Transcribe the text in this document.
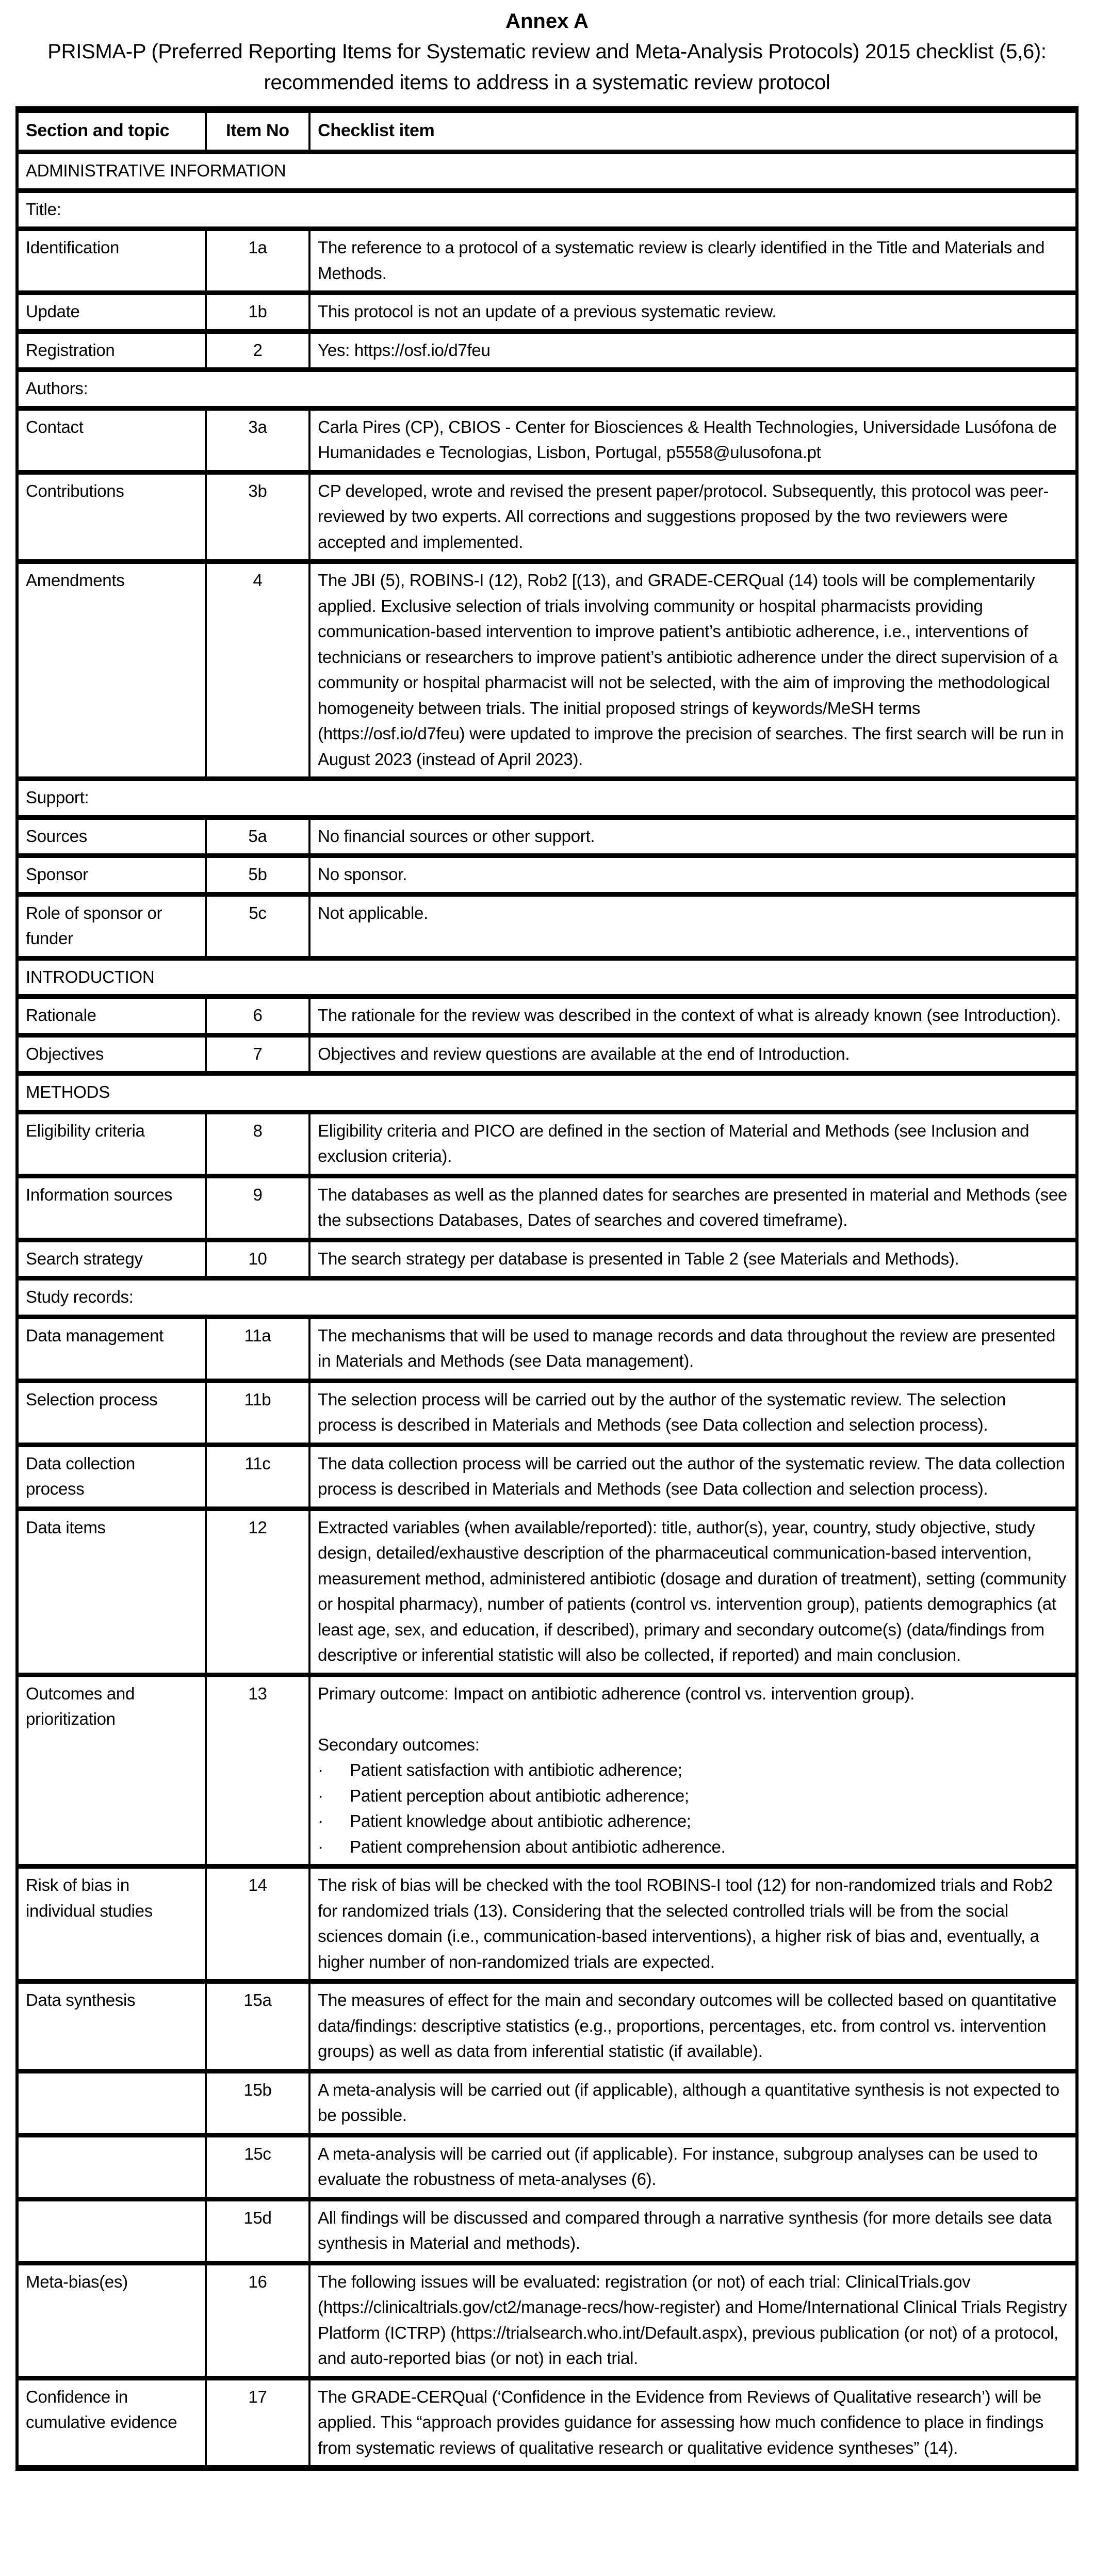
Annex A
PRISMA-P (Preferred Reporting Items for Systematic review and Meta-Analysis Protocols) 2015 checklist (5,6): recommended items to address in a systematic review protocol
Section and topic	Item No	Checklist item
ADMINISTRATIVE INFORMATION		
Title:		
Identification	1a	The reference to a protocol of a systematic review is clearly identified in the Title and Materials and Methods.
Update	1b	This protocol is not an update of a previous systematic review.
Registration	2	Yes: https://osf.io/d7feu
Authors:		
Contact	3a	Carla Pires (CP), CBIOS - Center for Biosciences & Health Technologies, Universidade Lusófona de Humanidades e Tecnologias, Lisbon, Portugal, p5558@ulusofona.pt
Contributions	3b	CP developed, wrote and revised the present paper/protocol. Subsequently, this protocol was peer-reviewed by two experts. All corrections and suggestions proposed by the two reviewers were accepted and implemented.
Amendments	4	The JBI (5), ROBINS-I (12), Rob2 [(13), and GRADE-CERQual (14) tools will be complementarily applied. Exclusive selection of trials involving community or hospital pharmacists providing communication-based intervention to improve patient’s antibiotic adherence, i.e., interventions of technicians or researchers to improve patient’s antibiotic adherence under the direct supervision of a community or hospital pharmacist will not be selected, with the aim of improving the methodological homogeneity between trials. The initial proposed strings of keywords/MeSH terms (https://osf.io/d7feu) were updated to improve the precision of searches. The first search will be run in August 2023 (instead of April 2023).
Support:		
Sources	5a	No financial sources or other support.
Sponsor	5b	No sponsor.
Role of sponsor or funder	5c	Not applicable.
INTRODUCTION		
Rationale	6	The rationale for the review was described in the context of what is already known (see Introduction).
Objectives	7	Objectives and review questions are available at the end of Introduction.
METHODS		
Eligibility criteria	8	Eligibility criteria and PICO are defined in the section of Material and Methods (see Inclusion and exclusion criteria).
Information sources	9	The databases as well as the planned dates for searches are presented in material and Methods (see the subsections Databases, Dates of searches and covered timeframe).
Search strategy	10	The search strategy per database is presented in Table 2 (see Materials and Methods).
Study records:		
Data management	11a	The mechanisms that will be used to manage records and data throughout the review are presented in Materials and Methods (see Data management).
Selection process	11b	The selection process will be carried out by the author of the systematic review. The selection process is described in Materials and Methods (see Data collection and selection process).
Data collection process	11c	The data collection process will be carried out the author of the systematic review. The data collection process is described in Materials and Methods (see Data collection and selection process).
Data items	12	Extracted variables (when available/reported): title, author(s), year, country, study objective, study design, detailed/exhaustive description of the pharmaceutical communication-based intervention, measurement method, administered antibiotic (dosage and duration of treatment), setting (community or hospital pharmacy), number of patients (control vs. intervention group), patients demographics (at least age, sex, and education, if described), primary and secondary outcome(s) (data/findings from descriptive or inferential statistic will also be collected, if reported) and main conclusion.
Outcomes and prioritization	13	Primary outcome: Impact on antibiotic adherence (control vs. intervention group).

Secondary outcomes:
·	Patient satisfaction with antibiotic adherence;
·	Patient perception about antibiotic adherence;
·	Patient knowledge about antibiotic adherence;
·	Patient comprehension about antibiotic adherence.

Risk of bias in individual studies	14	The risk of bias will be checked with the tool ROBINS-I tool (12) for non-randomized trials and Rob2 for randomized trials (13). Considering that the selected controlled trials will be from the social sciences domain (i.e., communication-based interventions), a higher risk of bias and, eventually, a higher number of non-randomized trials are expected.
Data synthesis	15a	The measures of effect for the main and secondary outcomes will be collected based on quantitative data/findings: descriptive statistics (e.g., proportions, percentages, etc. from control vs. intervention groups) as well as data from inferential statistic (if available).
	15b	A meta-analysis will be carried out (if applicable), although a quantitative synthesis is not expected to be possible.
	15c	A meta-analysis will be carried out (if applicable). For instance, subgroup analyses can be used to evaluate the robustness of meta-analyses (6).
	15d	All findings will be discussed and compared through a narrative synthesis (for more details see data synthesis in Material and methods).
Meta-bias(es)	16	The following issues will be evaluated: registration (or not) of each trial: ClinicalTrials.gov (https://clinicaltrials.gov/ct2/manage-recs/how-register) and Home/International Clinical Trials Registry Platform (ICTRP) (https://trialsearch.who.int/Default.aspx), previous publication (or not) of a protocol, and auto-reported bias (or not) in each trial.
Confidence in cumulative evidence	17	The GRADE-CERQual (‘Confidence in the Evidence from Reviews of Qualitative research’) will be applied. This “approach provides guidance for assessing how much confidence to place in findings from systematic reviews of qualitative research or qualitative evidence syntheses” (14).
